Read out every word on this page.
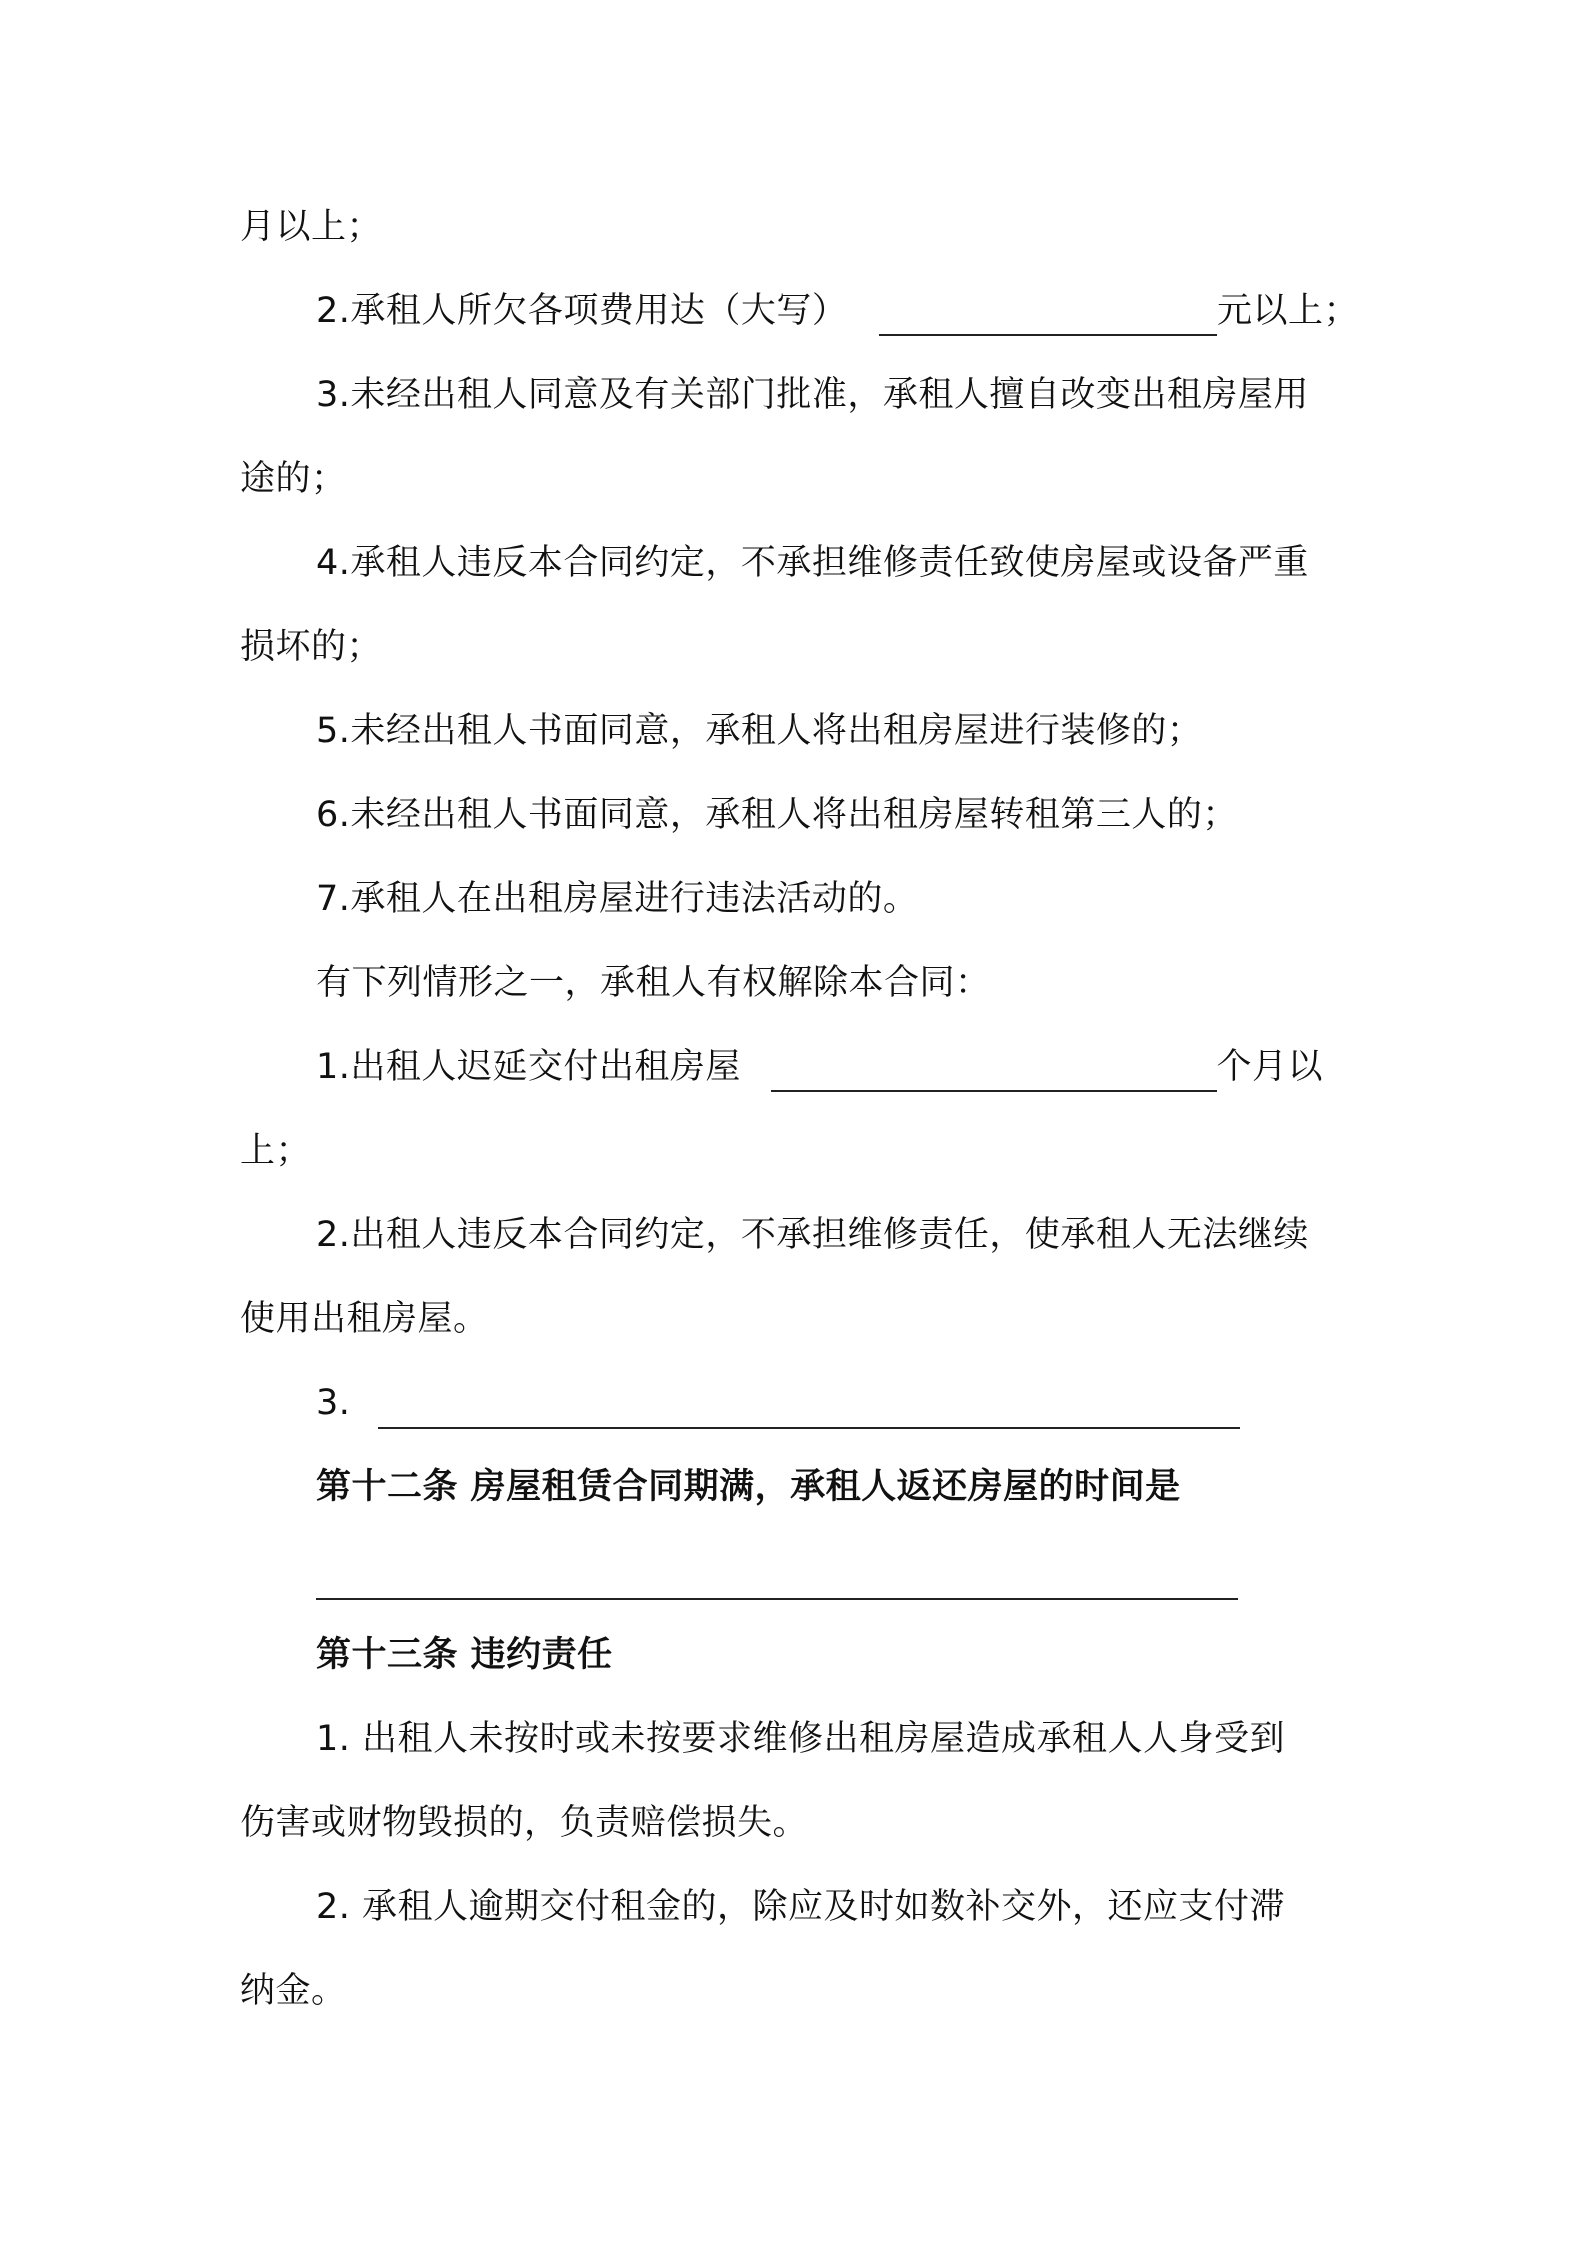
月以上；
2.承租人所欠各项费用达（大写）	元以上；
3.未经出租人同意及有关部门批准，承租人擅自改变出租房屋用
途的；
4.承租人违反本合同约定，不承担维修责任致使房屋或设备严重
损坏的；
5.未经出租人书面同意，承租人将出租房屋进行装修的；
6.未经出租人书面同意，承租人将出租房屋转租第三人的；
7.承租人在出租房屋进行违法活动的。
有下列情形之一，承租人有权解除本合同：
1.出租人迟延交付出租房屋	个月以
上；
2.出租人违反本合同约定，不承担维修责任，使承租人无法继续
使用出租房屋。
3.
第十二条 房屋租赁合同期满，承租人返还房屋的时间是
第十三条 违约责任
1. 出租人未按时或未按要求维修出租房屋造成承租人人身受到
伤害或财物毁损的，负责赔偿损失。
2. 承租人逾期交付租金的，除应及时如数补交外，还应支付滞
纳金。
